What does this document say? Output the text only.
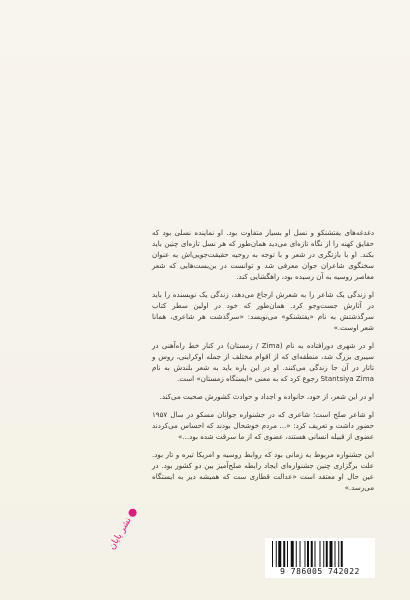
دغدغه‌های یفتشنکو و نسل او بسیار متفاوت بود. او نماینده نسلی بود که حقایق کهنه را از نگاه تازه‌ای می‌دید همان‌طور که هر نسل تازه‌ای چنین باید بکند. او با بازنگری در شعر و با توجه به روحیه حقیقت‌جویی‌اش به عنوان سخنگوی شاعران جوان معرفی شد و توانست در بن‌بست‌هایی که شعر معاصر روسیه به آن رسیده بود، راهگشایی کند.

او زندگی یک شاعر را به شعرش ارجاع می‌دهد، زندگی یک نویسنده را باید در آثارش جست‌وجو کرد. همان‌طور که خود در اولین سطر کتاب سرگذشتش به نام «یفتشنکو» می‌نویسد: «سرگذشت هر شاعری، همانا شعر اوست.»

او در شهری دورافتاده به نام (Zima / زمستان) در کنار خط راه‌آهنی در سیبری بزرگ شد، منطقه‌ای که از اقوام مختلف از جمله اوکراینی، روس و تاتار در آن جا زندگی می‌کنند. او در این باره باید به شعر بلندش به نام Stantsiya Zima رجوع کرد که به معنی «ایستگاه زمستان» است.

او در این شعر، از خود، خانواده و اجداد و حوادث کشورش صحبت می‌کند.

او شاعر صلح است؛ شاعری که در جشنواره جوانان مسکو در سال ۱۹۵۷ حضور داشت و تعریف کرد: «... مردم خوشحال بودند که احساس می‌کردند عضوی از قبیله انسانی هستند، عضوی که از ما سرقت شده بود...»

این جشنواره مربوط به زمانی بود که روابط روسیه و امریکا تیره و تار بود. علت برگزاری چنین جشنواره‌ای ایجاد رابطه صلح‌آمیز بین دو کشور بود. در عین حال او معتقد است «عدالت قطاری ست که همیشه دیر به ایستگاه می‌رسد.»

نشر پایان
9 786005 742022
